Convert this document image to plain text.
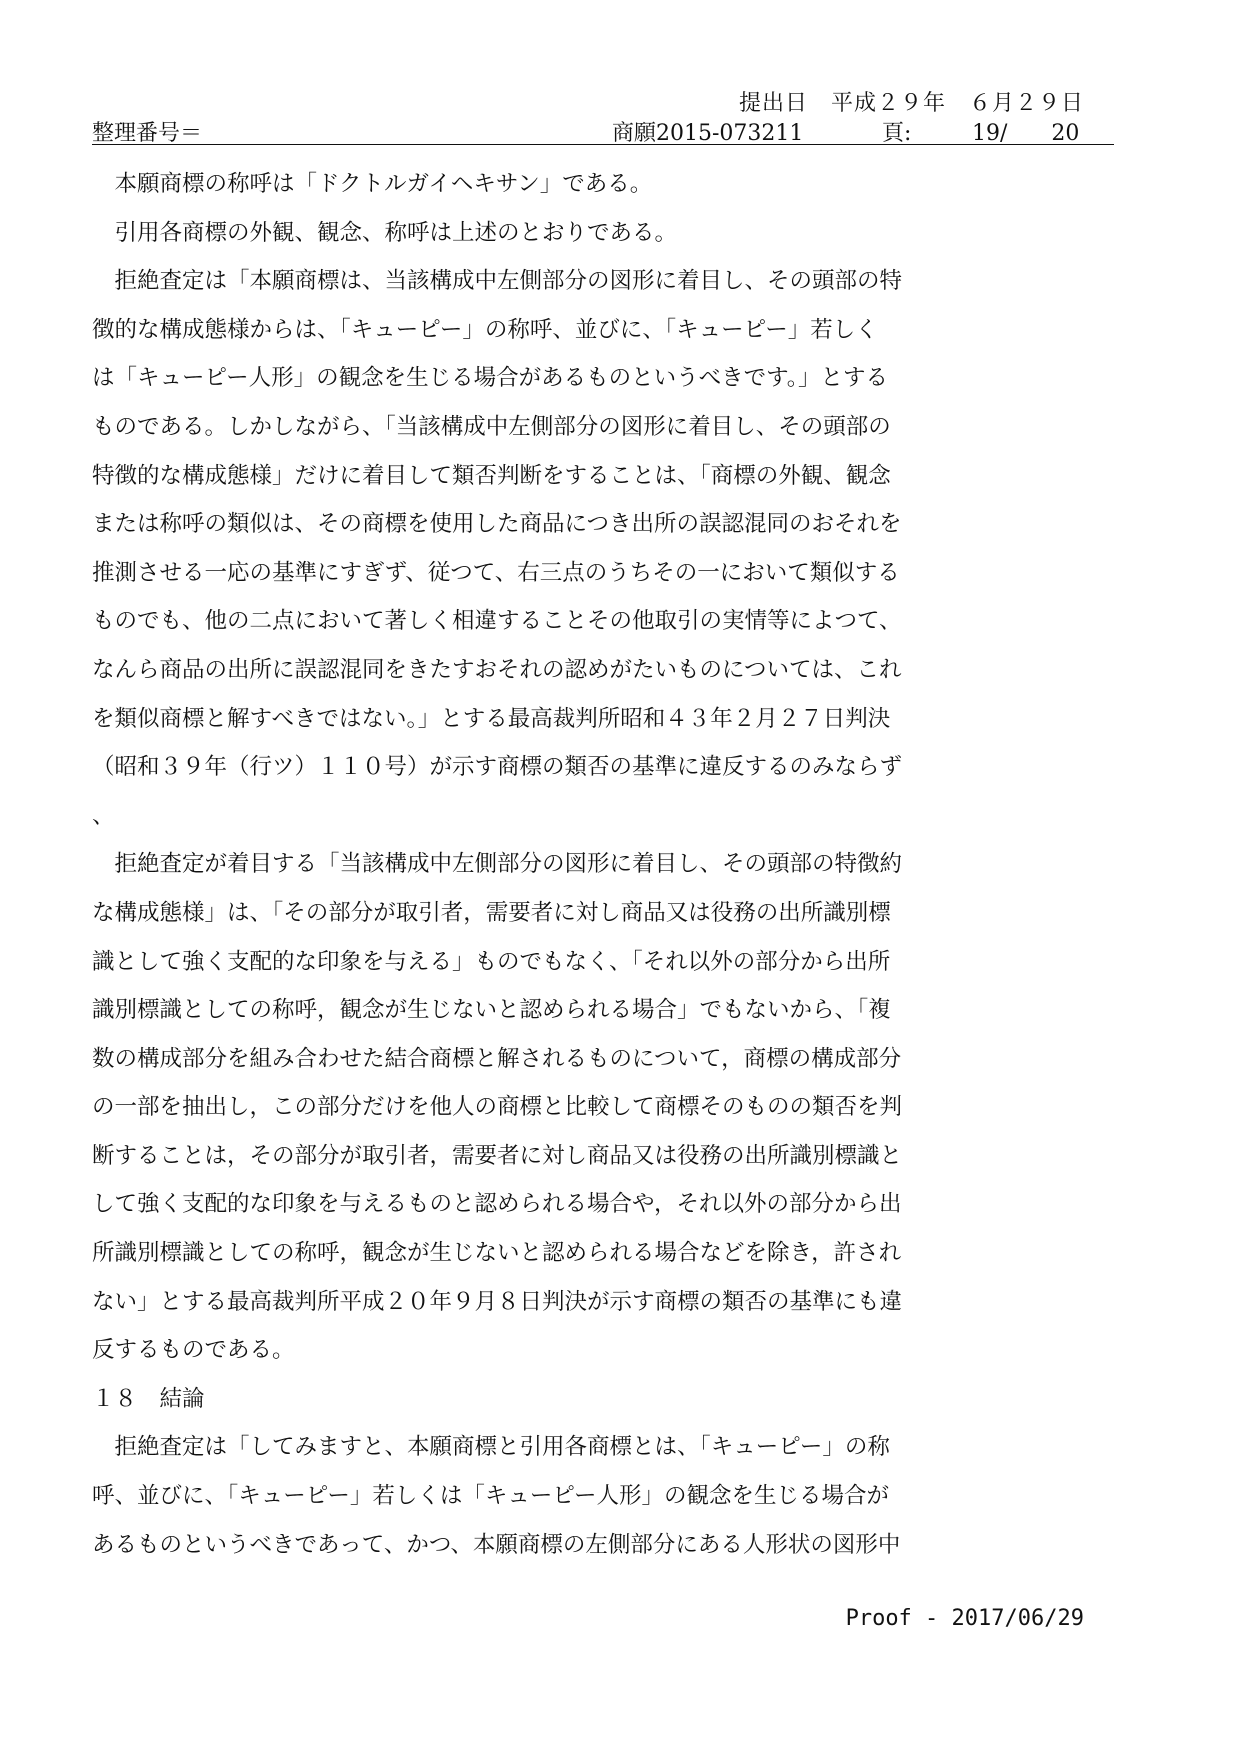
提出日　平成２９年　６月２９日

整理番号＝

	商願2015-073211

	頁:

	19/　　20

　本願商標の称呼は「ドクトルガイヘキサン」である。
　引用各商標の外観、観念、称呼は上述のとおりである。
　拒絶査定は「本願商標は、当該構成中左側部分の図形に着目し、その頭部の特
徴的な構成態様からは、「キューピー」の称呼、並びに、「キューピー」若しく
は「キューピー人形」の観念を生じる場合があるものというべきです。」とする
ものである。しかしながら、「当該構成中左側部分の図形に着目し、その頭部の
特徴的な構成態様」だけに着目して類否判断をすることは、「商標の外観、観念
または称呼の類似は、その商標を使用した商品につき出所の誤認混同のおそれを
推測させる一応の基準にすぎず、従つて、右三点のうちその一において類似する
ものでも、他の二点において著しく相違することその他取引の実情等によつて、
なんら商品の出所に誤認混同をきたすおそれの認めがたいものについては、これ
を類似商標と解すべきではない。」とする最高裁判所昭和４３年２月２７日判決
（昭和３９年（行ツ）１１０号）が示す商標の類否の基準に違反するのみならず
、
　拒絶査定が着目する「当該構成中左側部分の図形に着目し、その頭部の特徴約
な構成態様」は、「その部分が取引者，需要者に対し商品又は役務の出所識別標
識として強く支配的な印象を与える」ものでもなく、「それ以外の部分から出所
識別標識としての称呼，観念が生じないと認められる場合」でもないから、「複
数の構成部分を組み合わせた結合商標と解されるものについて，商標の構成部分
の一部を抽出し，この部分だけを他人の商標と比較して商標そのものの類否を判
断することは，その部分が取引者，需要者に対し商品又は役務の出所識別標識と
して強く支配的な印象を与えるものと認められる場合や，それ以外の部分から出
所識別標識としての称呼，観念が生じないと認められる場合などを除き，許され
ない」とする最高裁判所平成２０年９月８日判決が示す商標の類否の基準にも違
反するものである。
１８　結論
　拒絶査定は「してみますと、本願商標と引用各商標とは、「キューピー」の称
呼、並びに、「キューピー」若しくは「キューピー人形」の観念を生じる場合が
あるものというべきであって、かつ、本願商標の左側部分にある人形状の図形中
Proof - 2017/06/29
